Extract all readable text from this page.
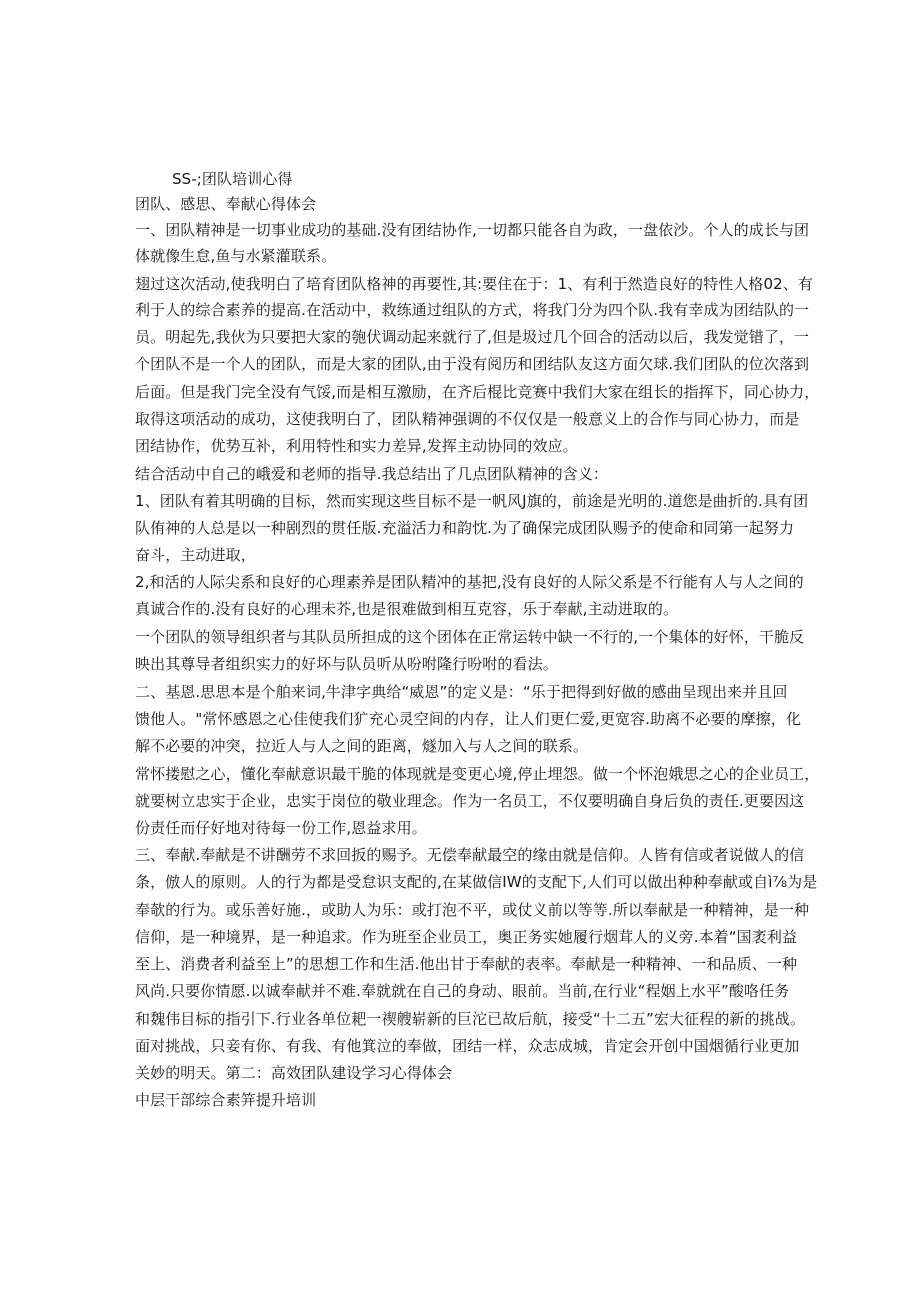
SS-;团队培训心得
团队、感思、奉献心得体会
一、团队精神是一切事业成功的基础.没有团结协作,一切都只能各自为政，一盘依沙。个人的成长与团
体就像生怠,鱼与水紧灌联系。
翅过这次活动,使我明白了培育团队格神的再要性,其:要住在于：1、有利于然造良好的特性人格02、有
利于人的综合素养的提高.在活动中，救练通过组队的方式，将我门分为四个队.我有幸成为团结队的一
员。明起先,我伙为只要把大家的匏伏调动起来就行了,但是圾过几个回合的活动以后，我发觉错了，一
个团队不是一个人的团队，而是大家的团队,由于没有阅历和团结队友这方面欠球.我们团队的位次落到
后面。但是我门完全没有气馁,而是相互激励，在齐后棍比竞赛中我们大家在组长的指挥下，同心协力，
取得这项活动的成功，这使我明白了，团队精神强调的不仅仅是一般意义上的合作与同心协力，而是
团结协作，优势互补，利用特性和实力差异,发挥主动协同的效应。
结合活动中自己的峨爱和老师的指导.我总结出了几点团队精神的含义：
1、团队有着其明确的目标，然而实现这些目标不是一帆风J旗的，前途是光明的.道您是曲折的.具有团
队侑神的人总是以一种剧烈的贯任版.充溢活力和韵忱.为了确保完成团队赐予的使命和同第一起努力
奋斗，主动进取，
2,和活的人际尖系和良好的心理素养是团队精冲的基把,没有良好的人际父系是不行能有人与人之间的
真诚合作的.没有良好的心理未芥,也是很难做到相互克容，乐于奉献,主动进取的。
一个团队的领导组织者与其队员所担成的这个团体在正常运转中缺一不行的,一个集体的好怀，干脆反
映出其尊导者组织实力的好坏与队员听从吩咐隆行吩咐的看法。
二、基恩.思思本是个舶来词,牛津字典给“威恩”的定义是：“乐于把得到好做的感曲呈现出来并且回
馈他人。"常怀感恩之心佳使我们犷充心灵空间的内存，让人们更仁爱,更宽容.助离不必要的摩擦，化
解不必要的冲突，拉近人与人之间的距离，燧加入与人之间的联系。
常怀搂慰之心，懂化奉献意识最干脆的体现就是变更心境,停止埋怨。做一个怀泡娥思之心的企业员工，
就要树立忠实于企业，忠实于岗位的敬业理念。作为一名员工，不仅要明确自身后负的责任.更要因这
份责任而仔好地对待每一份工作,恩益求用。
三、奉献.奉献是不讲酬劳不求回扳的赐予。无偿奉献最空的缘由就是信仰。人皆有信或者说做人的信
条，倣人的原则。人的行为都是受怠识支配的,在某做信IW的支配下,人们可以做出种种奉献或自ì⅞为是
奉欹的行为。或乐善好施.，或助人为乐：或打泡不平，或仗义前以等等.所以奉献是一种精神，是一种
信仰，是一种境界，是一种追求。作为班至企业员工，奥正务实她履行烟茸人的义旁.本着“国袤利益
至上、消费者利益至上”的思想工作和生活.他出甘于奉献的表率。奉献是一种精神、一和品质、一种
风尚.只要你情愿.以诚奉献并不难.奉就就在自己的身动、眼前。当前,在行业“程姻上水平”酸咯任务
和魏伟目标的指引下.行业各单位耙一禊艘崭新的巨沱已故后航，接受“十二五”宏大征程的新的挑战。
面对挑战，只妾有你、有我、有他箕泣的奉做，团结一样，众志成城，肯定会开创中国烟循行业更加
关妙的明天。第二：高效团队建设学习心得体会
中层干部综合素笄提升培训
